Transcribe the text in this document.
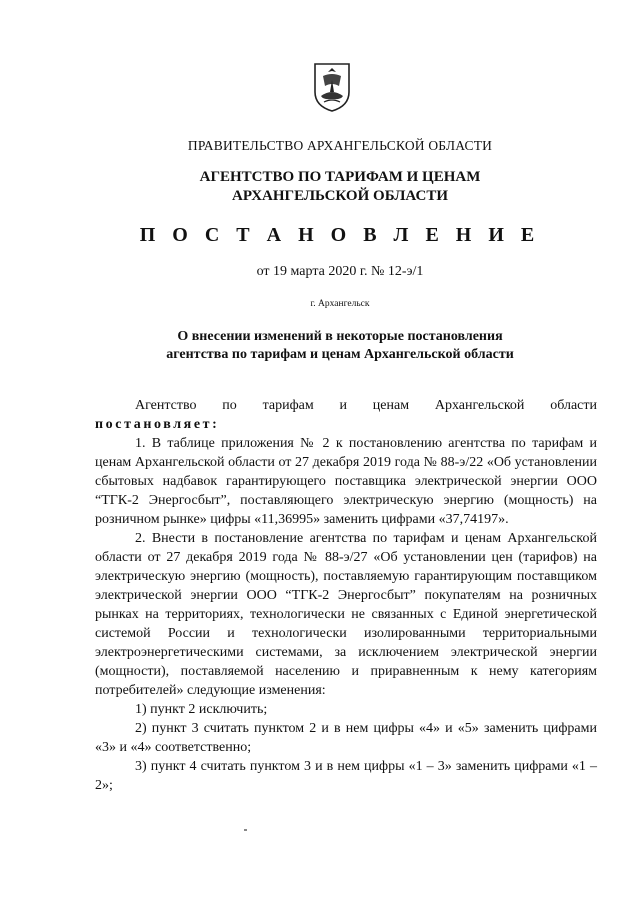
ПРАВИТЕЛЬСТВО АРХАНГЕЛЬСКОЙ ОБЛАСТИ
АГЕНТСТВО ПО ТАРИФАМ И ЦЕНАМ
АРХАНГЕЛЬСКОЙ ОБЛАСТИ
П О С Т А Н О В Л Е Н И Е
от 19 марта 2020 г. № 12-э/1
г. Архангельск
О внесении изменений в некоторые постановления
агентства по тарифам и ценам Архангельской области

Агентство по тарифам и ценам Архангельской области

постановляет:

1. В таблице приложения № 2 к постановлению агентства по тарифам и ценам Архангельской области от 27 декабря 2019 года № 88-э/22 «Об установлении сбытовых надбавок гарантирующего поставщика электрической энергии ООО “ТГК-2 Энергосбыт”, поставляющего электрическую энергию (мощность) на розничном рынке» цифры «11,36995» заменить цифрами «37,74197».

2. Внести в постановление агентства по тарифам и ценам Архангельской области от 27 декабря 2019 года № 88-э/27 «Об установлении цен (тарифов) на электрическую энергию (мощность), поставляемую гарантирующим поставщиком электрической энергии ООО “ТГК-2 Энергосбыт” покупателям на розничных рынках на территориях, технологически не связанных с Единой энергетической системой России и технологически изолированными территориальными электроэнергетическими системами, за исключением электрической энергии (мощности), поставляемой населению и приравненным к нему категориям потребителей» следующие изменения:

1) пункт 2 исключить;

2) пункт 3 считать пунктом 2 и в нем цифры «4» и «5» заменить цифрами «3» и «4» соответственно;

3) пункт 4 считать пунктом 3 и в нем цифры «1 – 3» заменить цифрами «1 – 2»;
